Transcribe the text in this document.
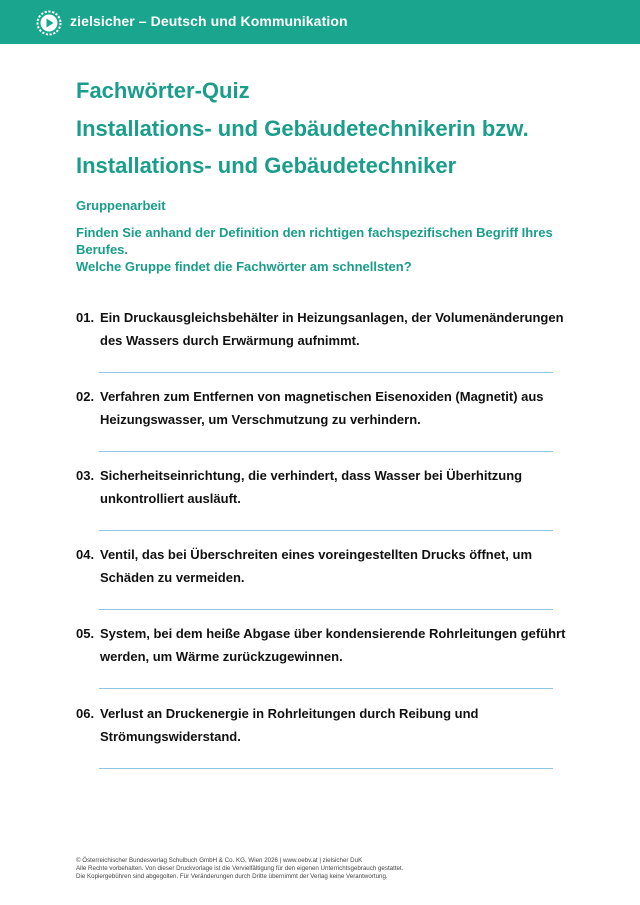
zielsicher – Deutsch und Kommunikation
Fachwörter-Quiz
Installations- und Gebäudetechnikerin bzw.
Installations- und Gebäudetechniker
Gruppenarbeit
Finden Sie anhand der Definition den richtigen fachspezifischen Begriff Ihres Berufes.
Welche Gruppe findet die Fachwörter am schnellsten?
01. Ein Druckausgleichsbehälter in Heizungsanlagen, der Volumenänderungen des Wassers durch Erwärmung aufnimmt.
02. Verfahren zum Entfernen von magnetischen Eisenoxiden (Magnetit) aus Heizungswasser, um Verschmutzung zu verhindern.
03. Sicherheitseinrichtung, die verhindert, dass Wasser bei Überhitzung unkontrolliert ausläuft.
04. Ventil, das bei Überschreiten eines voreingestellten Drucks öffnet, um Schäden zu vermeiden.
05. System, bei dem heiße Abgase über kondensierende Rohrleitungen geführt werden, um Wärme zurückzugewinnen.
06. Verlust an Druckenergie in Rohrleitungen durch Reibung und Strömungswiderstand.
© Österreichischer Bundesverlag Schulbuch GmbH & Co. KG, Wien 2026 | www.oebv.at | zielsicher DuK
Alle Rechte vorbehalten. Von dieser Druckvorlage ist die Vervielfältigung für den eigenen Unterrichtsgebrauch gestattet.
Die Kopiergebühren sind abgegolten. Für Veränderungen durch Dritte übernimmt der Verlag keine Verantwortung.
